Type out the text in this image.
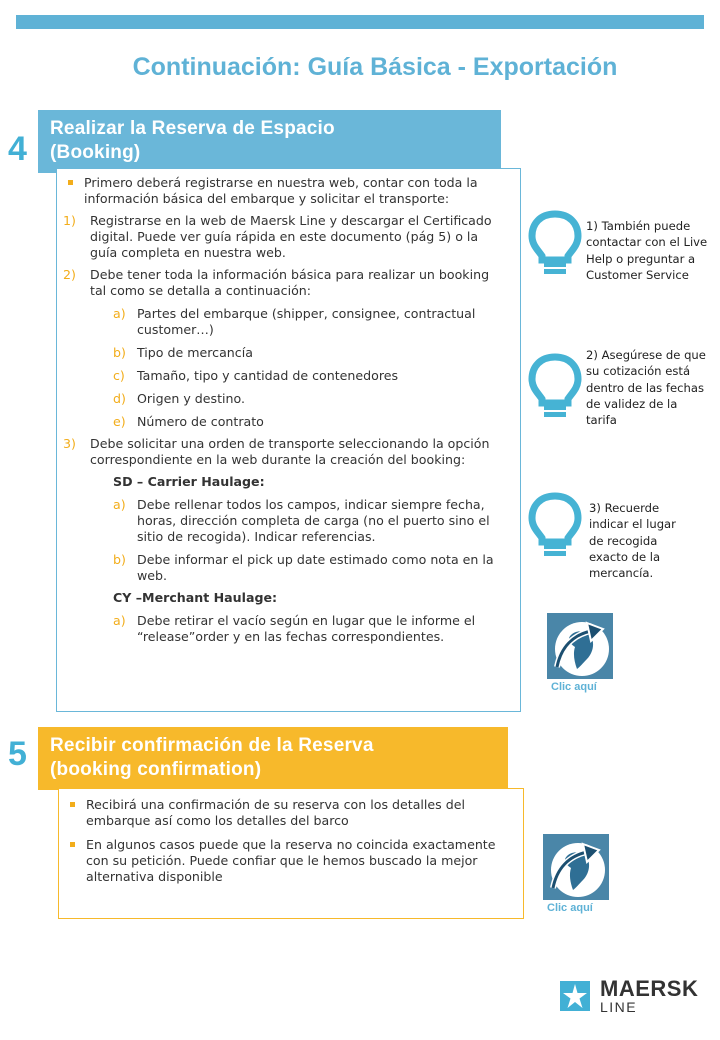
Continuación: Guía Básica - Exportación
4
Realizar la Reserva de Espacio
(Booking)
Primero deberá registrarse en nuestra web, contar con toda la información básica del embarque y solicitar el transporte:
1) Registrarse en la web de Maersk Line y descargar el Certificado digital. Puede ver guía rápida en este documento (pág 5) o la guía completa en nuestra web.
2) Debe tener toda la información básica para realizar un booking tal como se detalla a continuación:
a) Partes del embarque (shipper, consignee, contractual customer…)
b) Tipo de mercancía
c) Tamaño, tipo y cantidad de contenedores
d) Origen y destino.
e) Número de contrato
3) Debe solicitar una orden de transporte seleccionando la opción correspondiente en la web durante la creación del booking:
SD – Carrier Haulage:
a) Debe rellenar todos los campos, indicar siempre fecha, horas, dirección completa de carga (no el puerto sino el sitio de recogida). Indicar referencias.
b) Debe informar el pick up date estimado como nota en la web.
CY –Merchant Haulage:
a) Debe retirar el vacío según en lugar que le informe el “release”order y en las fechas correspondientes.
1) También puede contactar con el Live Help o preguntar a Customer Service
2) Asegúrese de que su cotización está dentro de las fechas de validez de la tarifa
3) Recuerde indicar el lugar de recogida exacto de la mercancía.
Clic aquí
5 Recibir confirmación de la Reserva
(booking confirmation)
Recibirá una confirmación de su reserva con los detalles del embarque así como los detalles del barco
En algunos casos puede que la reserva no coincida exactamente con su petición. Puede confiar que le hemos buscado la mejor alternativa disponible
Clic aquí
MAERSK
LINE
